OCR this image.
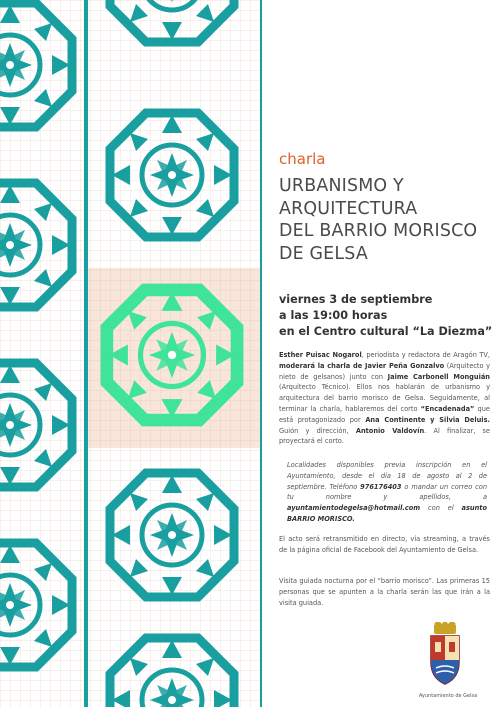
charla
URBANISMO Y
ARQUITECTURA
DEL BARRIO MORISCO
DE GELSA
viernes 3 de septiembre
a las 19:00 horas
en el Centro cultural “La Diezma”
Esther Puisac Nogarol, periodista y redactora de Aragón TV, moderará la charla de Javier Peña Gonzalvo (Arquitecto y nieto de gelsanos) junto con Jaime Carbonell Monguián (Arquitecto Técnico). Ellos nos hablarán de urbanismo y arquitectura del barrio morisco de Gelsa. Seguidamente, al terminar la charla, hablaremos del corto “Encadenada” que está protagonizado por Ana Continente y Silvia Deluis. Guión y dirección, Antonio Valdovín. Al finalizar, se proyectará el corto.
Localidades disponibles previa inscripción en el Ayuntamiento, desde el día 18 de agosto al 2 de septiembre. Teléfono 976176403 o mandar un correo con tu nombre y apellidos, a ayuntamientodegelsa@hotmail.com con el asunto BARRIO MORISCO.
El acto será retransmitido en directo, vía streaming, a través de la página oficial de Facebook del Ayuntamiento de Gelsa.
Visita guiada nocturna por el “barrio morisco”. Las primeras 15 personas que se apunten a la charla serán las que irán a la visita guiada.
Ayuntamiento de Gelsa
